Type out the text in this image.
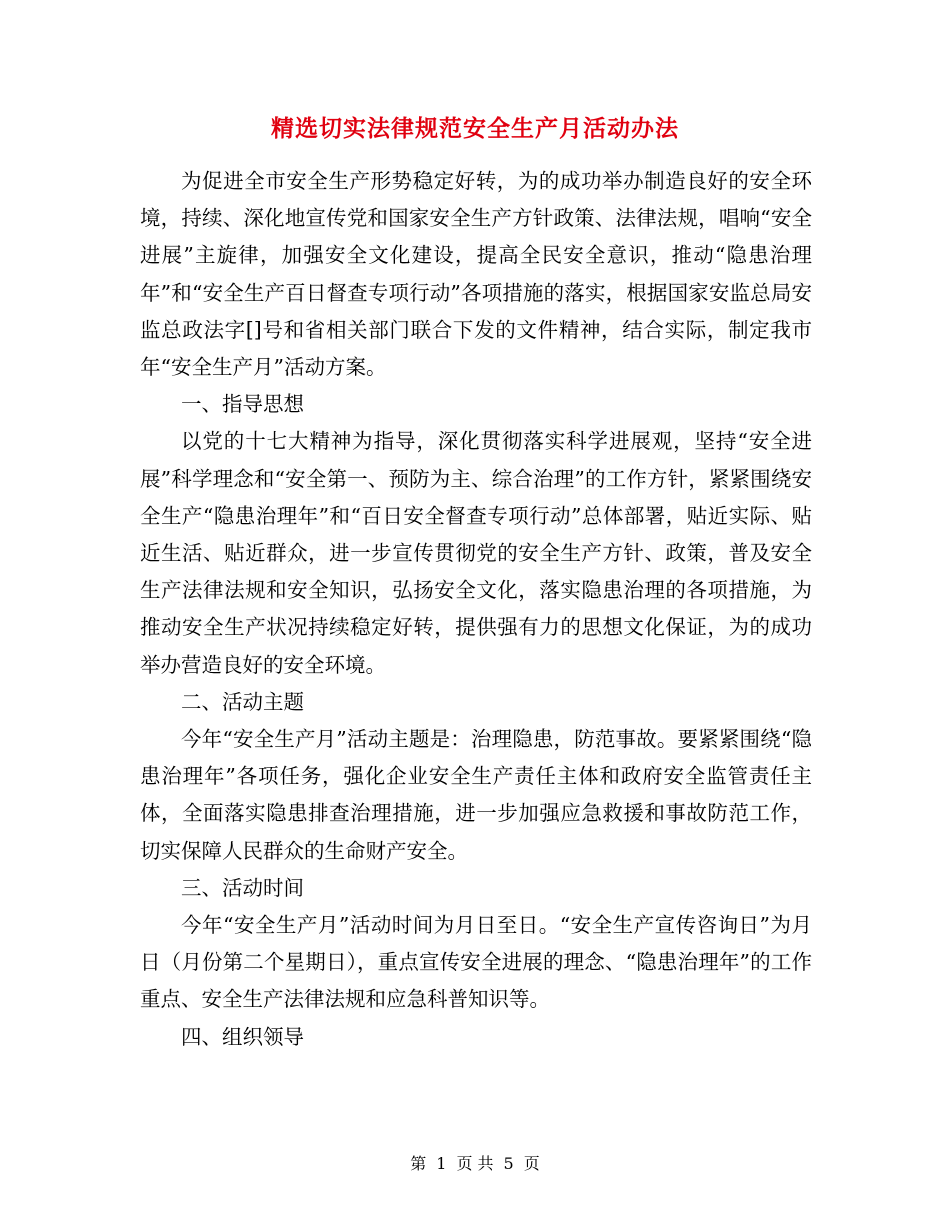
精选切实法律规范安全生产月活动办法

为促进全市安全生产形势稳定好转，为的成功举办制造良好的安全环境，持续、深化地宣传党和国家安全生产方针政策、法律法规，唱响“安全进展”主旋律，加强安全文化建设，提高全民安全意识，推动“隐患治理年”和“安全生产百日督查专项行动”各项措施的落实，根据国家安监总局安监总政法字[]号和省相关部门联合下发的文件精神，结合实际，制定我市年“安全生产月”活动方案。

一、指导思想

以党的十七大精神为指导，深化贯彻落实科学进展观，坚持“安全进展”科学理念和“安全第一、预防为主、综合治理”的工作方针，紧紧围绕安全生产“隐患治理年”和“百日安全督查专项行动”总体部署，贴近实际、贴近生活、贴近群众，进一步宣传贯彻党的安全生产方针、政策，普及安全生产法律法规和安全知识，弘扬安全文化，落实隐患治理的各项措施，为推动安全生产状况持续稳定好转，提供强有力的思想文化保证，为的成功举办营造良好的安全环境。

二、活动主题

今年“安全生产月”活动主题是：治理隐患，防范事故。要紧紧围绕“隐患治理年”各项任务，强化企业安全生产责任主体和政府安全监管责任主体，全面落实隐患排查治理措施，进一步加强应急救援和事故防范工作，切实保障人民群众的生命财产安全。

三、活动时间

今年“安全生产月”活动时间为月日至日。“安全生产宣传咨询日”为月日（月份第二个星期日），重点宣传安全进展的理念、“隐患治理年”的工作重点、安全生产法律法规和应急科普知识等。

四、组织领导

第 1 页 共 5 页
